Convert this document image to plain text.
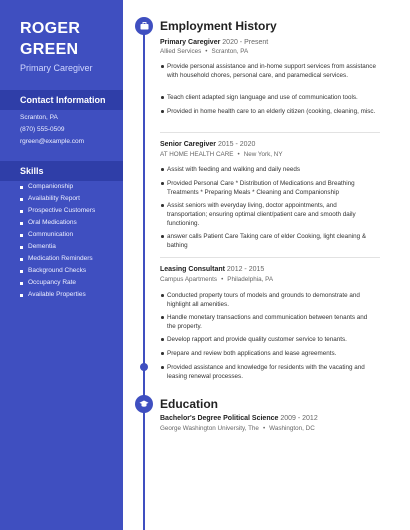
ROGER
GREEN
Primary Caregiver
Contact Information
Scranton, PA
(870) 555-0509
rgreen@example.com
Skills
Companionship
Availability Report
Prospective Customers
Oral Medications
Communication
Dementia
Medication Reminders
Background Checks
Occupancy Rate
Available Properties
Employment History
Primary Caregiver 2020 - Present
Allied Services • Scranton, PA
Provide personal assistance and in-home support services from assistance with household chores, personal care, and paramedical services.
Teach client adapted sign language and use of communication tools.
Provided in home health care to an elderly citizen (cooking, cleaning, misc.
Senior Caregiver 2015 - 2020
AT HOME HEALTH CARE • New York, NY
Assist with feeding and walking and daily needs
Provided Personal Care * Distribution of Medications and Breathing Treatments * Preparing Meals * Cleaning and Companionship
Assist seniors with everyday living, doctor appointments, and transportation; ensuring optimal client/patient care and smooth daily functioning.
answer calls Patient Care Taking care of elder Cooking, light cleaning & bathing
Leasing Consultant 2012 - 2015
Campus Apartments • Philadelphia, PA
Conducted property tours of models and grounds to demonstrate and highlight all amenities.
Handle monetary transactions and communication between tenants and the property.
Develop rapport and provide quality customer service to tenants.
Prepare and review both applications and lease agreements.
Provided assistance and knowledge for residents with the vacating and leasing renewal processes.
Education
Bachelor's Degree Political Science 2009 - 2012
George Washington University, The • Washington, DC
